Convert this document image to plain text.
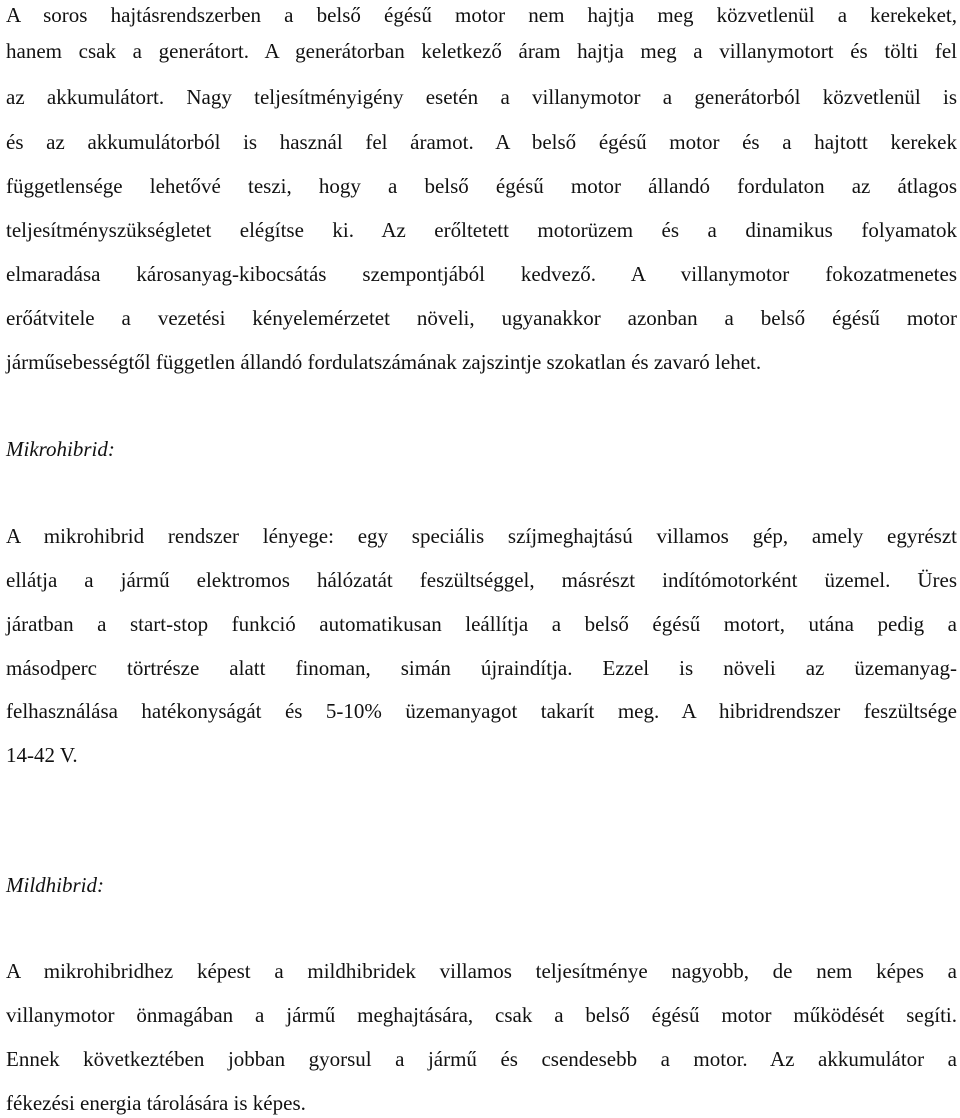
A soros hajtásrendszerben a belső égésű motor nem hajtja meg közvetlenül a kerekeket,
hanem csak a generátort. A generátorban keletkező áram hajtja meg a villanymotort és tölti fel
az akkumulátort. Nagy teljesítményigény esetén a villanymotor a generátorból közvetlenül is
és az akkumulátorból is használ fel áramot. A belső égésű motor és a hajtott kerekek
függetlensége lehetővé teszi, hogy a belső égésű motor állandó fordulaton az átlagos
teljesítményszükségletet elégítse ki. Az erőltetett motorüzem és a dinamikus folyamatok
elmaradása károsanyag-kibocsátás szempontjából kedvező. A villanymotor fokozatmenetes
erőátvitele a vezetési kényelemérzetet növeli, ugyanakkor azonban a belső égésű motor
járműsebességtől független állandó fordulatszámának zajszintje szokatlan és zavaró lehet.
Mikrohibrid:
A mikrohibrid rendszer lényege: egy speciális szíjmeghajtású villamos gép, amely egyrészt
ellátja a jármű elektromos hálózatát feszültséggel, másrészt indítómotorként üzemel. Üres
járatban a start-stop funkció automatikusan leállítja a belső égésű motort, utána pedig a
másodperc törtrésze alatt finoman, simán újraindítja. Ezzel is növeli az üzemanyag-
felhasználása hatékonyságát és 5-10% üzemanyagot takarít meg. A hibridrendszer feszültsége
14-42 V.
Mildhibrid:
A mikrohibridhez képest a mildhibridek villamos teljesítménye nagyobb, de nem képes a
villanymotor önmagában a jármű meghajtására, csak a belső égésű motor működését segíti.
Ennek következtében jobban gyorsul a jármű és csendesebb a motor. Az akkumulátor a
fékezési energia tárolására is képes.
